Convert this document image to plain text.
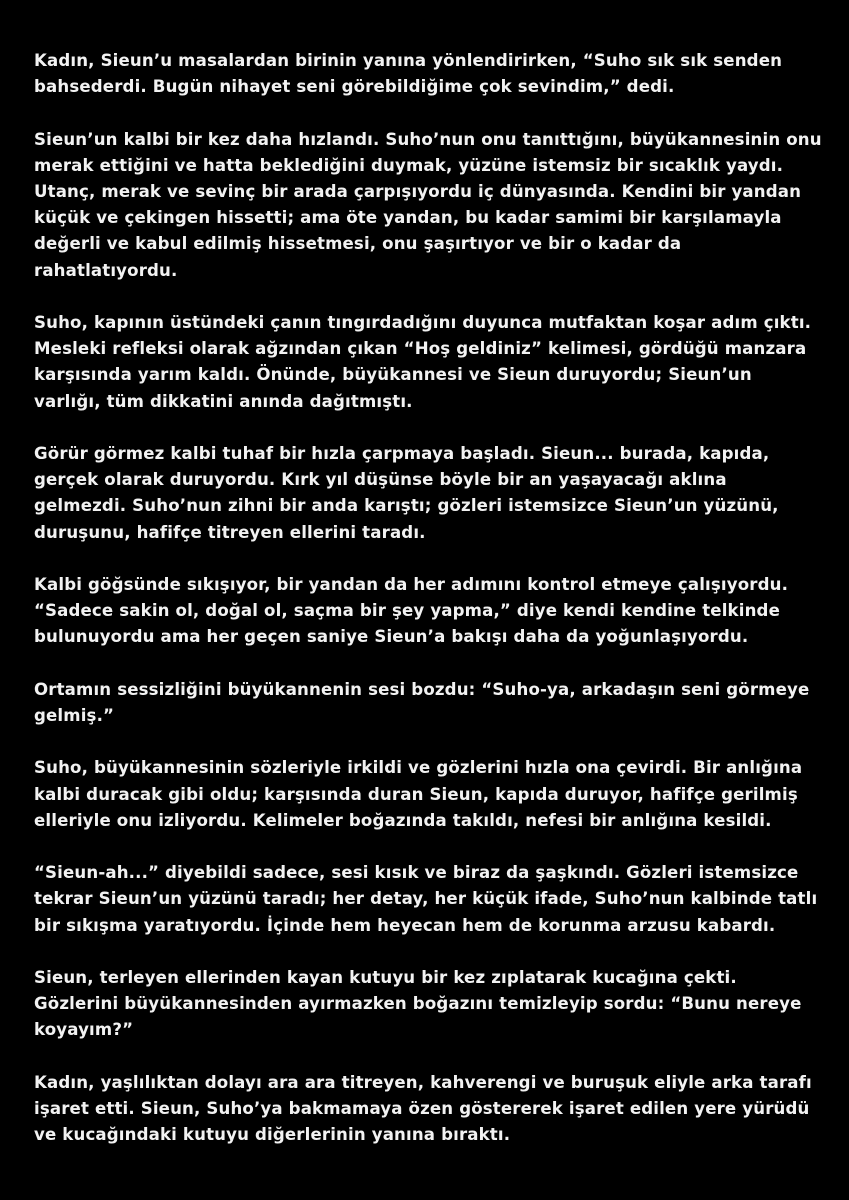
Kadın, Sieun’u masalardan birinin yanına yönlendirirken, “Suho sık sık senden bahsederdi. Bugün nihayet seni görebildiğime çok sevindim,” dedi.

Sieun’un kalbi bir kez daha hızlandı. Suho’nun onu tanıttığını, büyükannesinin onu merak ettiğini ve hatta beklediğini duymak, yüzüne istemsiz bir sıcaklık yaydı. Utanç, merak ve sevinç bir arada çarpışıyordu iç dünyasında. Kendini bir yandan küçük ve çekingen hissetti; ama öte yandan, bu kadar samimi bir karşılamayla değerli ve kabul edilmiş hissetmesi, onu şaşırtıyor ve bir o kadar da rahatlatıyordu.

Suho, kapının üstündeki çanın tıngırdadığını duyunca mutfaktan koşar adım çıktı. Mesleki refleksi olarak ağzından çıkan “Hoş geldiniz” kelimesi, gördüğü manzara karşısında yarım kaldı. Önünde, büyükannesi ve Sieun duruyordu; Sieun’un varlığı, tüm dikkatini anında dağıtmıştı.

Görür görmez kalbi tuhaf bir hızla çarpmaya başladı. Sieun... burada, kapıda, gerçek olarak duruyordu. Kırk yıl düşünse böyle bir an yaşayacağı aklına gelmezdi. Suho’nun zihni bir anda karıştı; gözleri istemsizce Sieun’un yüzünü, duruşunu, hafifçe titreyen ellerini taradı.

Kalbi göğsünde sıkışıyor, bir yandan da her adımını kontrol etmeye çalışıyordu. “Sadece sakin ol, doğal ol, saçma bir şey yapma,” diye kendi kendine telkinde bulunuyordu ama her geçen saniye Sieun’a bakışı daha da yoğunlaşıyordu.

Ortamın sessizliğini büyükannenin sesi bozdu: “Suho-ya, arkadaşın seni görmeye gelmiş.”

Suho, büyükannesinin sözleriyle irkildi ve gözlerini hızla ona çevirdi. Bir anlığına kalbi duracak gibi oldu; karşısında duran Sieun, kapıda duruyor, hafifçe gerilmiş elleriyle onu izliyordu. Kelimeler boğazında takıldı, nefesi bir anlığına kesildi.

“Sieun-ah...” diyebildi sadece, sesi kısık ve biraz da şaşkındı. Gözleri istemsizce tekrar Sieun’un yüzünü taradı; her detay, her küçük ifade, Suho’nun kalbinde tatlı bir sıkışma yaratıyordu. İçinde hem heyecan hem de korunma arzusu kabardı.

Sieun, terleyen ellerinden kayan kutuyu bir kez zıplatarak kucağına çekti. Gözlerini büyükannesinden ayırmazken boğazını temizleyip sordu: “Bunu nereye koyayım?”

Kadın, yaşlılıktan dolayı ara ara titreyen, kahverengi ve buruşuk eliyle arka tarafı işaret etti. Sieun, Suho’ya bakmamaya özen göstererek işaret edilen yere yürüdü ve kucağındaki kutuyu diğerlerinin yanına bıraktı.
